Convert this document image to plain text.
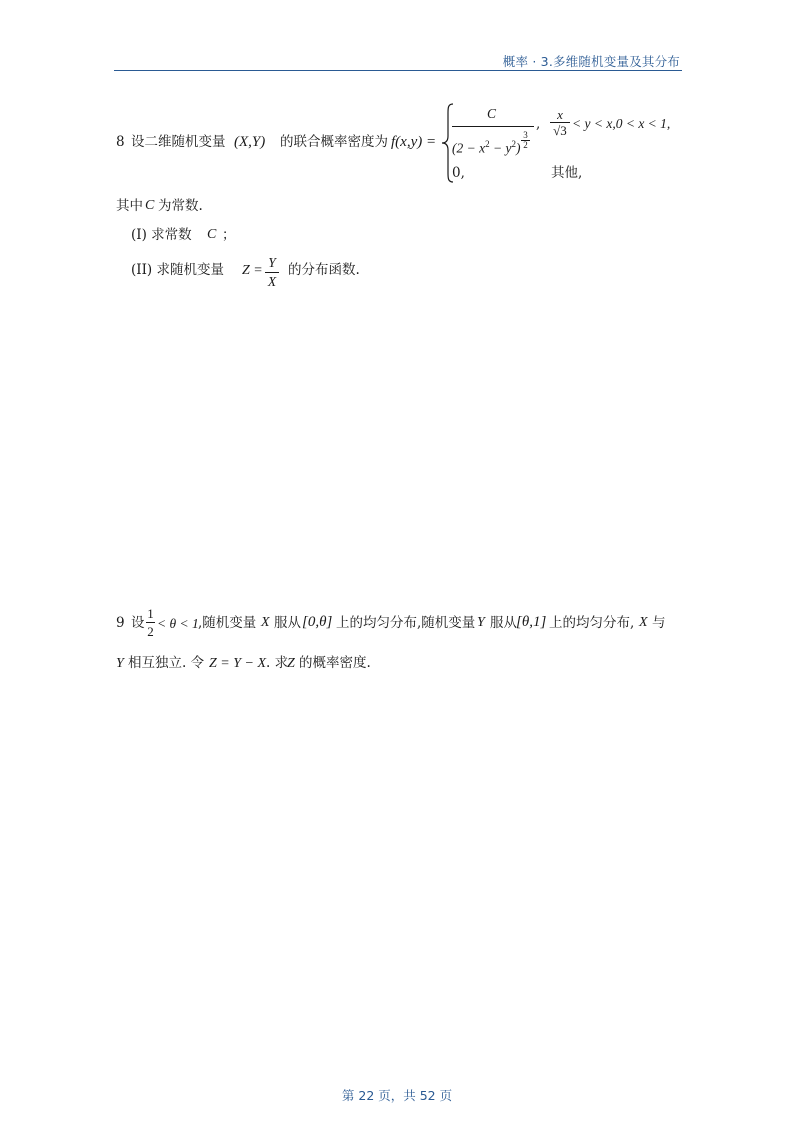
概率 · 3.多维随机变量及其分布
8 设二维随机变量 (X,Y) 的联合概率密度为 f(x,y) =
C
$(2 - x^2 - y^2)$
3
2
,
x
√3 < y < x,0 < x < 1,
0,	其他,
其中 C 为常数.
(I) 求常数 C ；
(II) 求随机变量 Z =
Y
X
的分布函数.
9 设
1
2
< θ < 1 ,随机变量 X 服从 [0,θ] 上的均匀分布,随机变量 Y 服从 [θ,1] 上的均匀分布, X 与
Y 相互独立. 令 Z = Y − X . 求
Z 的概率密度.
第 22 页，共 52 页
